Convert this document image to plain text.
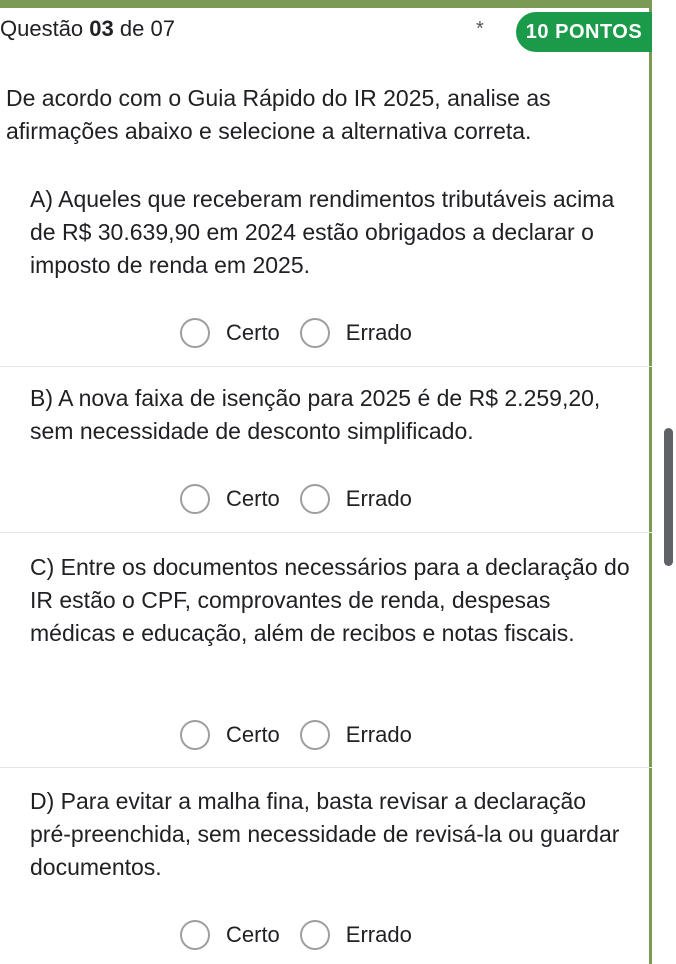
Questão 03 de 07	*	10 PONTOS
De acordo com o Guia Rápido do IR 2025, analise as afirmações abaixo e selecione a alternativa correta.
A) Aqueles que receberam rendimentos tributáveis acima de R$ 30.639,90 em 2024 estão obrigados a declarar o imposto de renda em 2025.
Certo	Errado
B) A nova faixa de isenção para 2025 é de R$ 2.259,20, sem necessidade de desconto simplificado.
Certo	Errado
C) Entre os documentos necessários para a declaração do IR estão o CPF, comprovantes de renda, despesas médicas e educação, além de recibos e notas fiscais.
Certo	Errado
D) Para evitar a malha fina, basta revisar a declaração pré-preenchida, sem necessidade de revisá-la ou guardar documentos.
Certo	Errado
